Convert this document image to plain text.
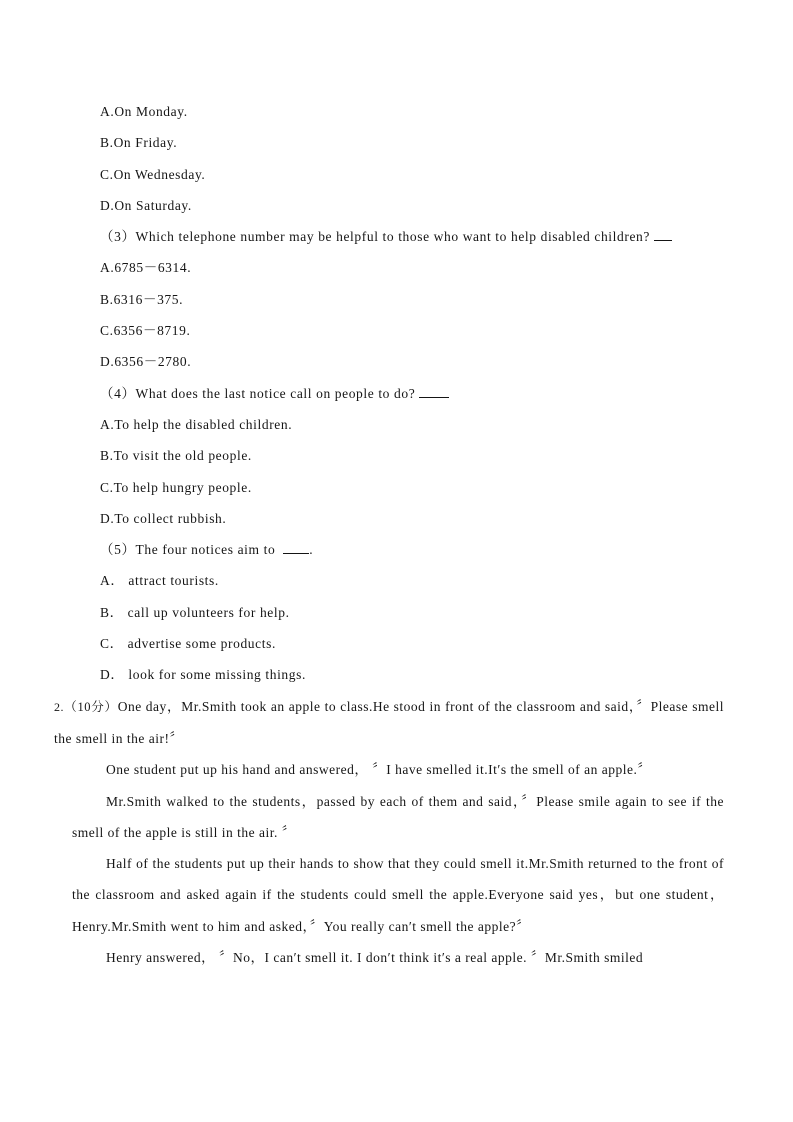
A.On Monday.
B.On Friday.
C.On Wednesday.
D.On Saturday.
（3）Which telephone number may be helpful to those who want to help disabled children?
A.6785－6314.
B.6316－375.
C.6356－8719.
D.6356－2780.
（4）What does the last notice call on people to do?
A.To help the disabled children.
B.To visit the old people.
C.To help hungry people.
D.To collect rubbish.
（5）The four notices aim to	.
A． attract tourists.
B． call up volunteers for help.
C． advertise some products.
D． look for some missing things.
2.（10分）One day，Mr.Smith took an apple to class.He stood in front of the classroom and said，〞Please smell the smell in the air!〞
One student put up his hand and answered， 〞I have smelled it.It′s the smell of an apple.〞
Mr.Smith walked to the students，passed by each of them and said，〞Please smile again to see if the smell of the apple is still in the air. 〞
Half of the students put up their hands to show that they could smell it.Mr.Smith returned to the front of the classroom and asked again if the students could smell the apple.Everyone said yes，but one student，Henry.Mr.Smith went to him and asked，〞You really can′t smell the apple?〞
Henry answered， 〞No，I can′t smell it. I don′t think it′s a real apple. 〞Mr.Smith smiled
